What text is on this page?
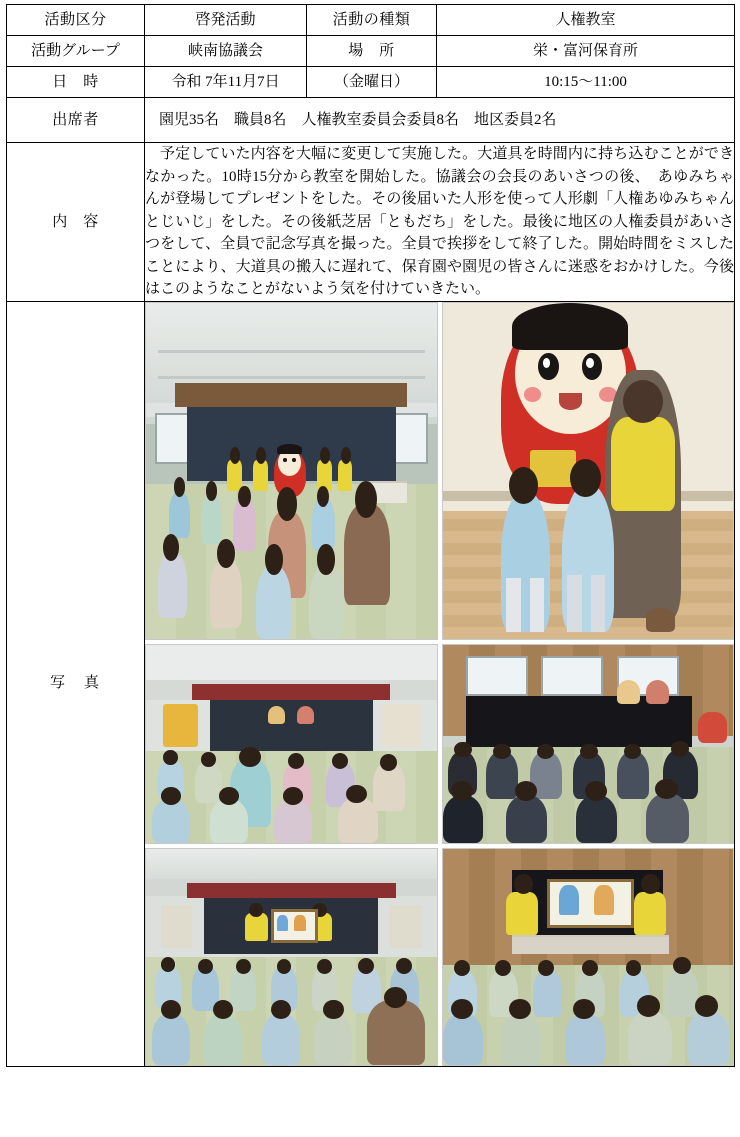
活動区分	啓発活動	活動の種類	人権教室
活動グループ	峡南協議会	場　所	栄・富河保育所
日　時	令和 7年11月7日	（金曜日）	10:15～11:00
出席者	園児35名　職員8名　人権教室委員会委員8名　地区委員2名		
内　容	予定していた内容を大幅に変更して実施した。大道具を時間内に持ち込むことができなかった。10時15分から教室を開始した。協議会の会長のあいさつの後、　あゆみちゃんが登場してプレゼントをした。その後届いた人形を使って人形劇「人権あゆみちゃんとじいじ」をした。その後紙芝居「ともだち」をした。最後に地区の人権委員があいさつをして、全員で記念写真を撮った。全員で挨拶をして終了した。開始時間をミスしたことにより、大道具の搬入に遅れて、保育園や園児の皆さんに迷惑をおかけした。今後はこのようなことがないよう気を付けていきたい。		

写　真			
